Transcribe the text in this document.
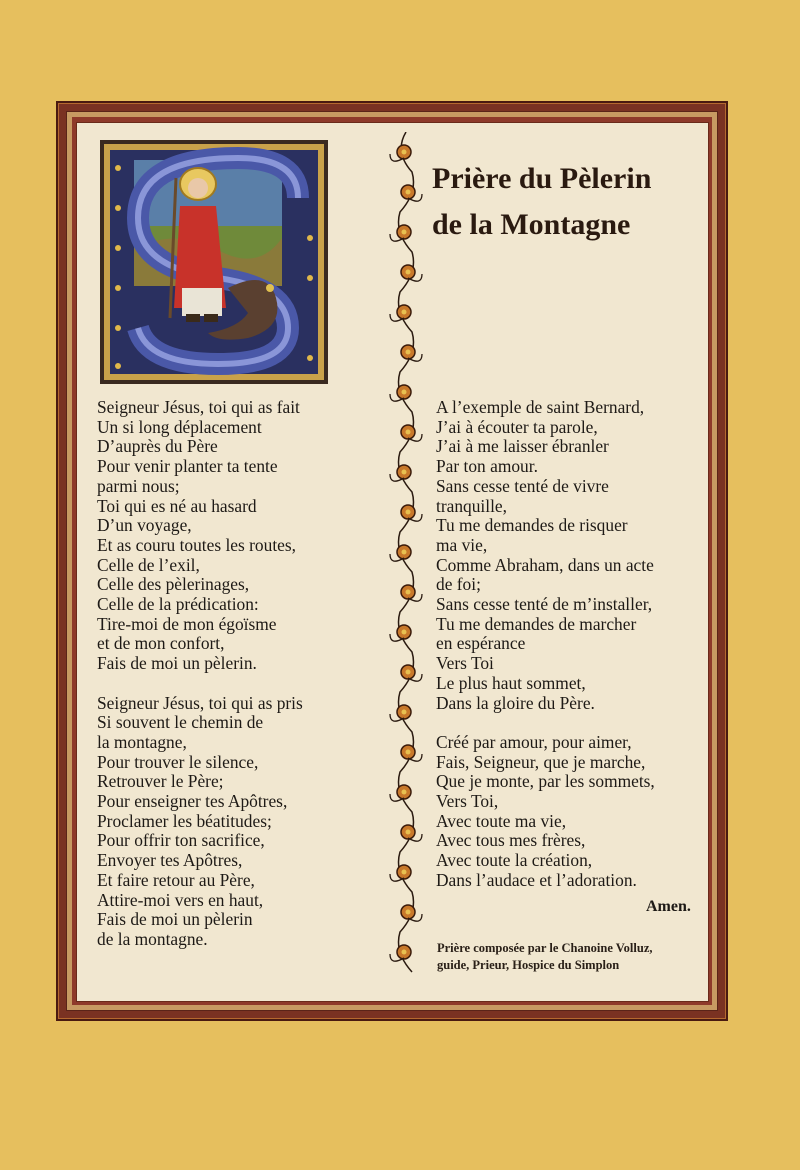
Prière du Pèlerin
de la Montagne
Seigneur Jésus, toi qui as fait
Un si long déplacement
D’auprès du Père
Pour venir planter ta tente
parmi nous;
Toi qui es né au hasard
D’un voyage,
Et as couru toutes les routes,
Celle de l’exil,
Celle des pèlerinages,
Celle de la prédication:
Tire-moi de mon égoïsme
et de mon confort,
Fais de moi un pèlerin.
Seigneur Jésus, toi qui as pris
Si souvent le chemin de
la montagne,
Pour trouver le silence,
Retrouver le Père;
Pour enseigner tes Apôtres,
Proclamer les béatitudes;
Pour offrir ton sacrifice,
Envoyer tes Apôtres,
Et faire retour au Père,
Attire-moi vers en haut,
Fais de moi un pèlerin
de la montagne.
A l’exemple de saint Bernard,
J’ai à écouter ta parole,
J’ai à me laisser ébranler
Par ton amour.
Sans cesse tenté de vivre
tranquille,
Tu me demandes de risquer
ma vie,
Comme Abraham, dans un acte
de foi;
Sans cesse tenté de m’installer,
Tu me demandes de marcher
en espérance
Vers Toi
Le plus haut sommet,
Dans la gloire du Père.
Créé par amour, pour aimer,
Fais, Seigneur, que je marche,
Que je monte, par les sommets,
Vers Toi,
Avec toute ma vie,
Avec tous mes frères,
Avec toute la création,
Dans l’audace et l’adoration.
Amen.
Prière composée par le Chanoine Volluz,
guide, Prieur, Hospice du Simplon
